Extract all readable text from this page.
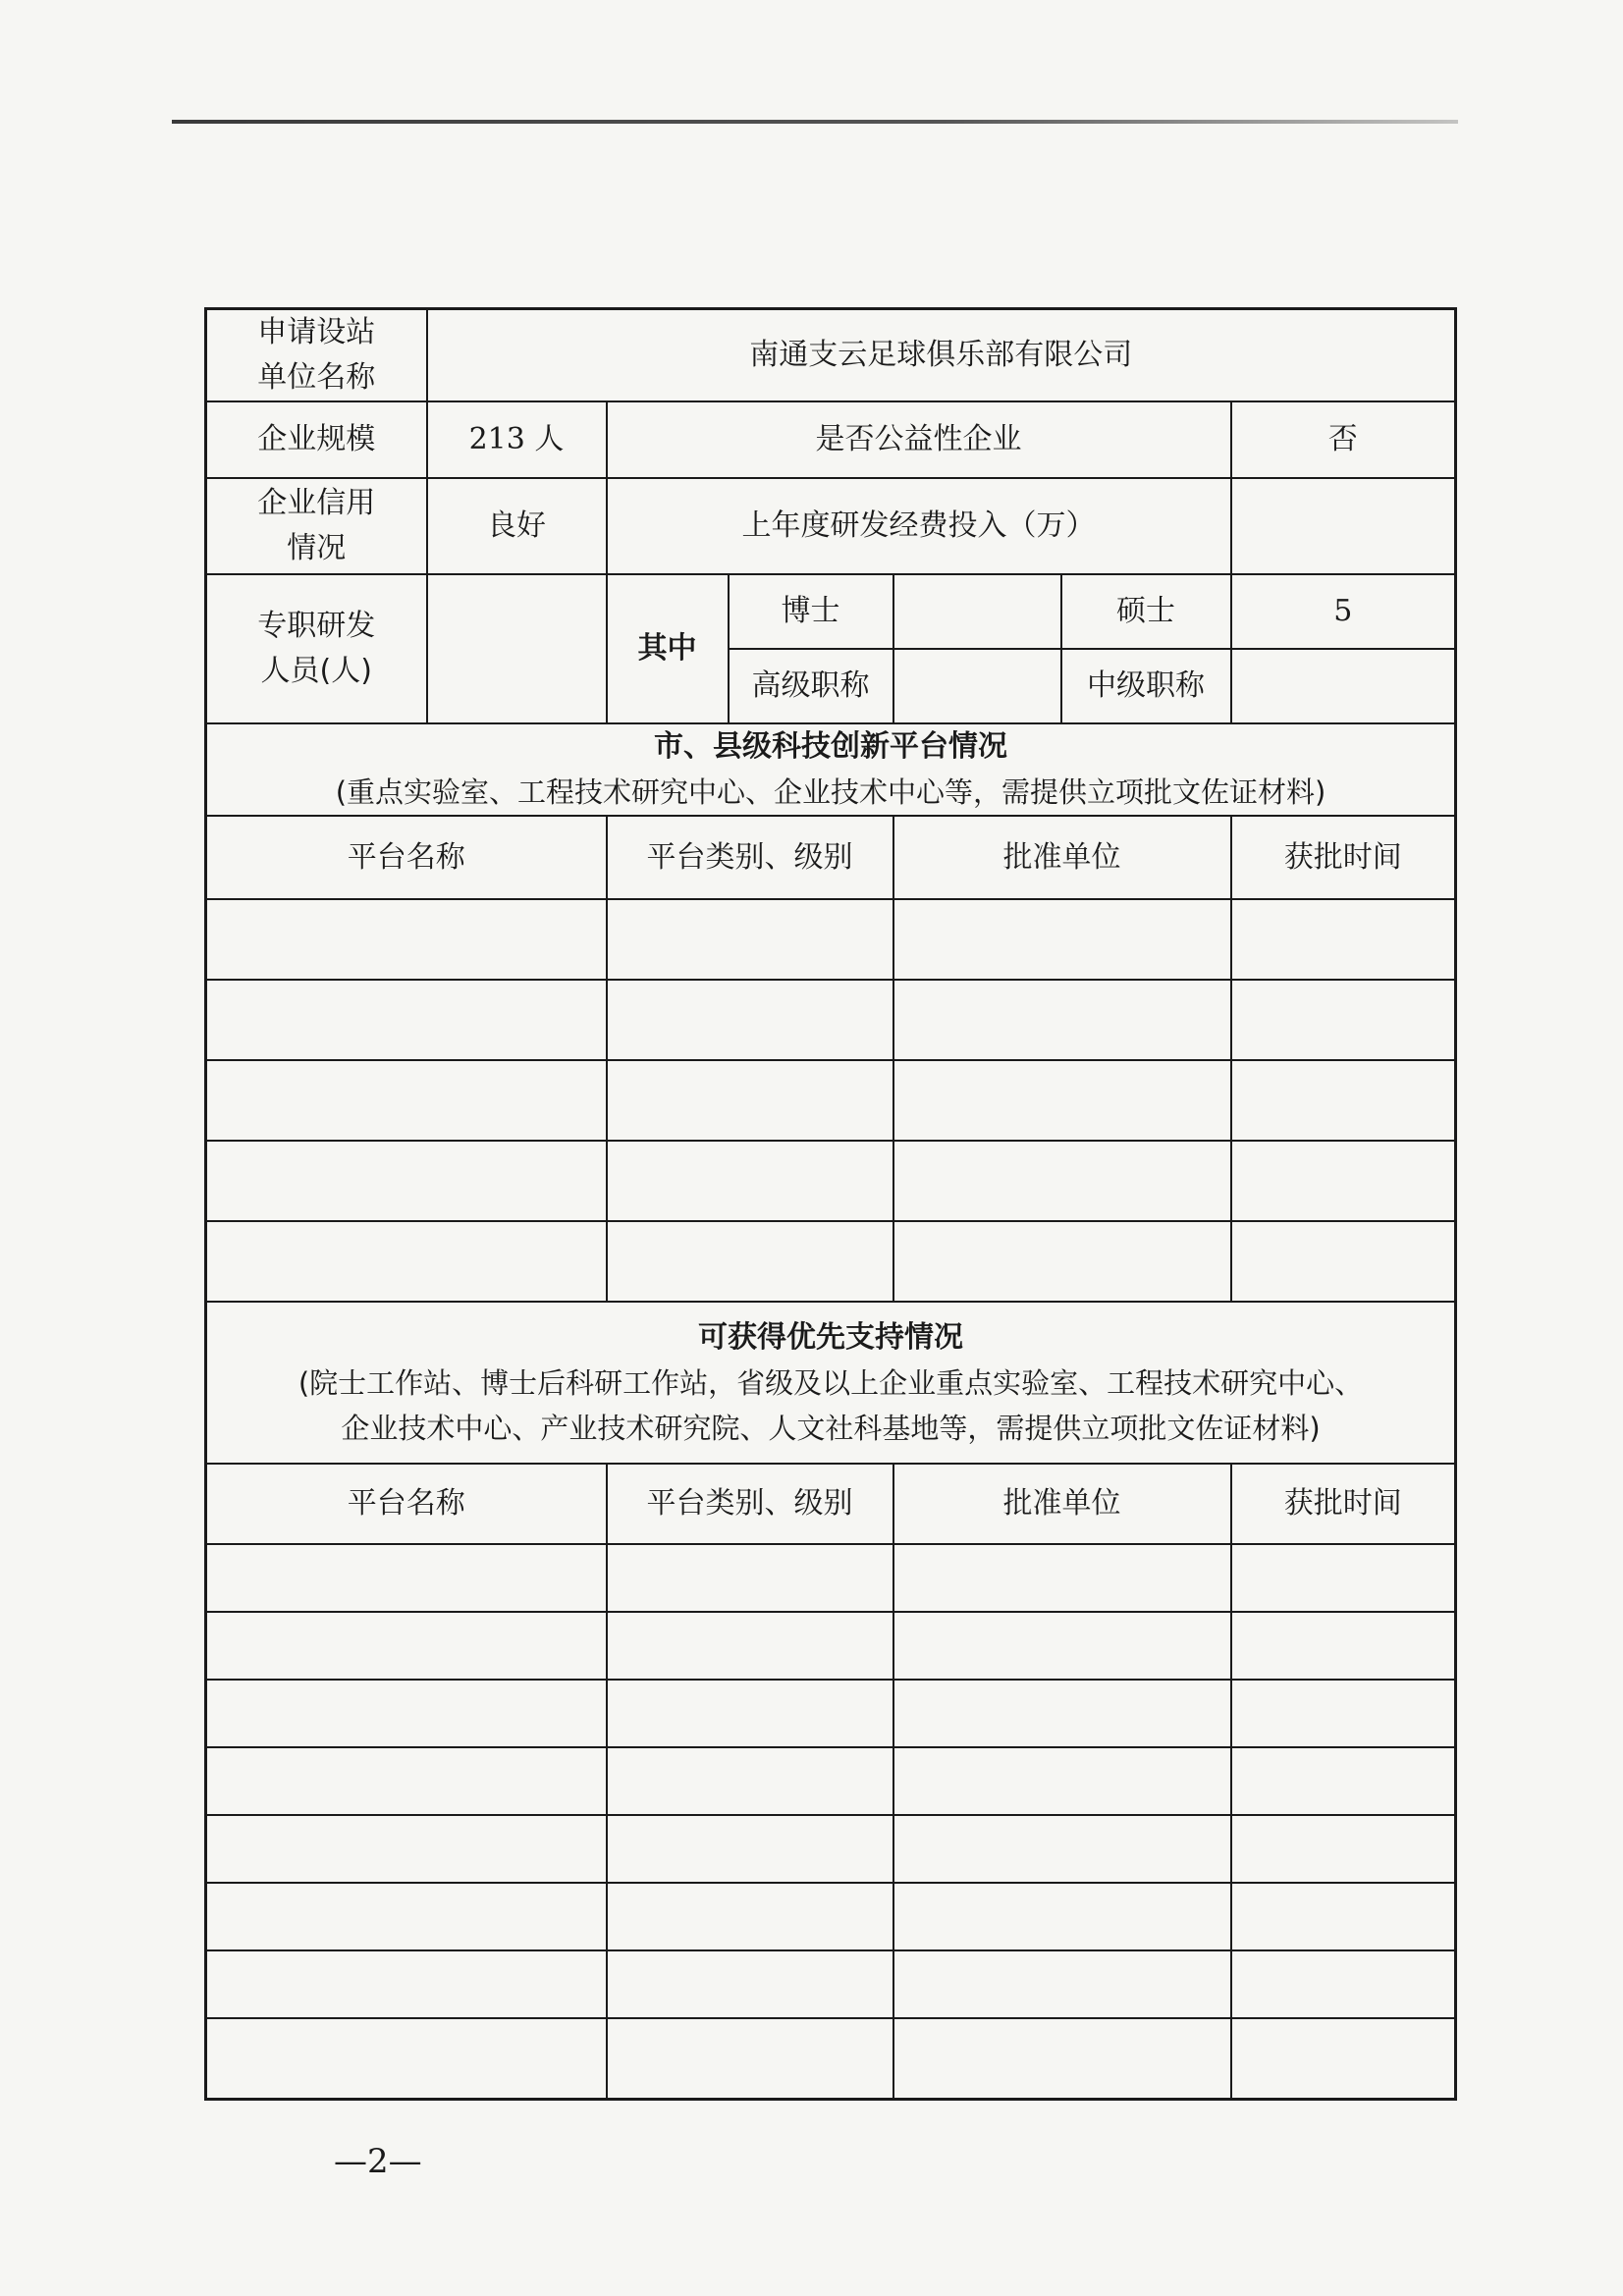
申请设站
单位名称	南通支云足球俱乐部有限公司					
企业规模	213 人	是否公益性企业				否

企业信用
情况	良好	上年度研发经费投入（万）				

专职研发
人员(人)		其中	博士		硕士	5
			高级职称		中级职称	

市、县级科技创新平台情况
(重点实验室、工程技术研究中心、企业技术中心等，需提供立项批文佐证材料)						

平台名称		平台类别、级别		批准单位		获批时间

可获得优先支持情况
(院士工作站、博士后科研工作站，省级及以上企业重点实验室、工程技术研究中心、
企业技术中心、产业技术研究院、人文社科基地等，需提供立项批文佐证材料)						

平台名称		平台类别、级别		批准单位		获批时间

—2—
